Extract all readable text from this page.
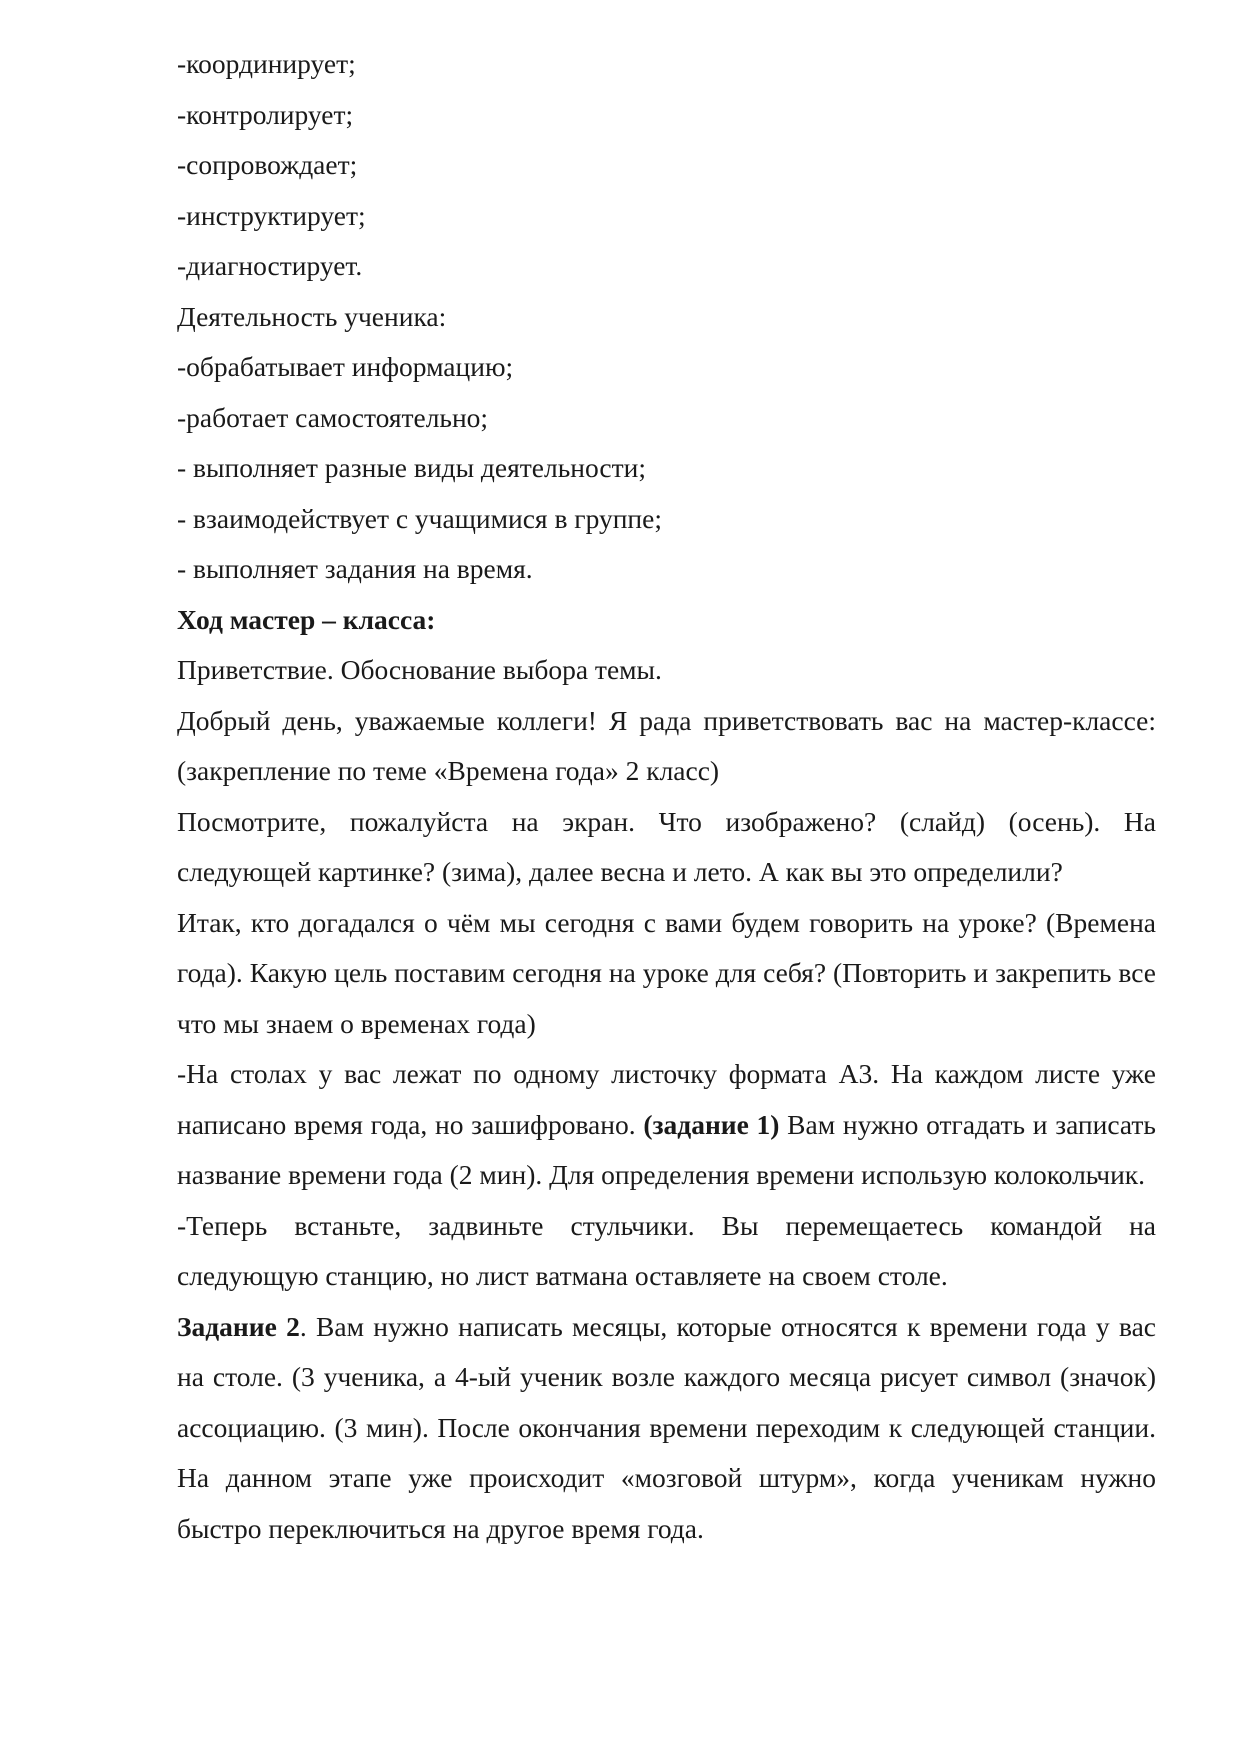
-координирует;
-контролирует;
-сопровождает;
-инструктирует;
-диагностирует.
Деятельность ученика:
-обрабатывает информацию;
-работает самостоятельно;
- выполняет разные виды деятельности;
- взаимодействует с учащимися в группе;
- выполняет задания на время.
Ход мастер – класса:
Приветствие. Обоснование выбора темы.

Добрый день, уважаемые коллеги! Я рада приветствовать вас на мастер-классе: (закрепление по теме «Времена года» 2 класс)

Посмотрите, пожалуйста на экран. Что изображено? (слайд) (осень). На следующей картинке? (зима), далее весна и лето. А как вы это определили?

Итак, кто догадался о чём мы сегодня с вами будем говорить на уроке? (Времена года). Какую цель поставим сегодня на уроке для себя? (Повторить и закрепить все что мы знаем о временах года)

-На столах у вас лежат по одному листочку формата А3. На каждом листе уже написано время года, но зашифровано. (задание 1) Вам нужно отгадать и записать название времени года (2 мин). Для определения времени использую колокольчик.

-Теперь встаньте, задвиньте стульчики. Вы перемещаетесь командой на следующую станцию, но лист ватмана оставляете на своем столе.

Задание 2. Вам нужно написать месяцы, которые относятся к времени года у вас на столе. (3 ученика, а 4-ый ученик возле каждого месяца рисует символ (значок) ассоциацию. (3 мин). После окончания времени переходим к следующей станции. На данном этапе уже происходит «мозговой штурм», когда ученикам нужно быстро переключиться на другое время года.
